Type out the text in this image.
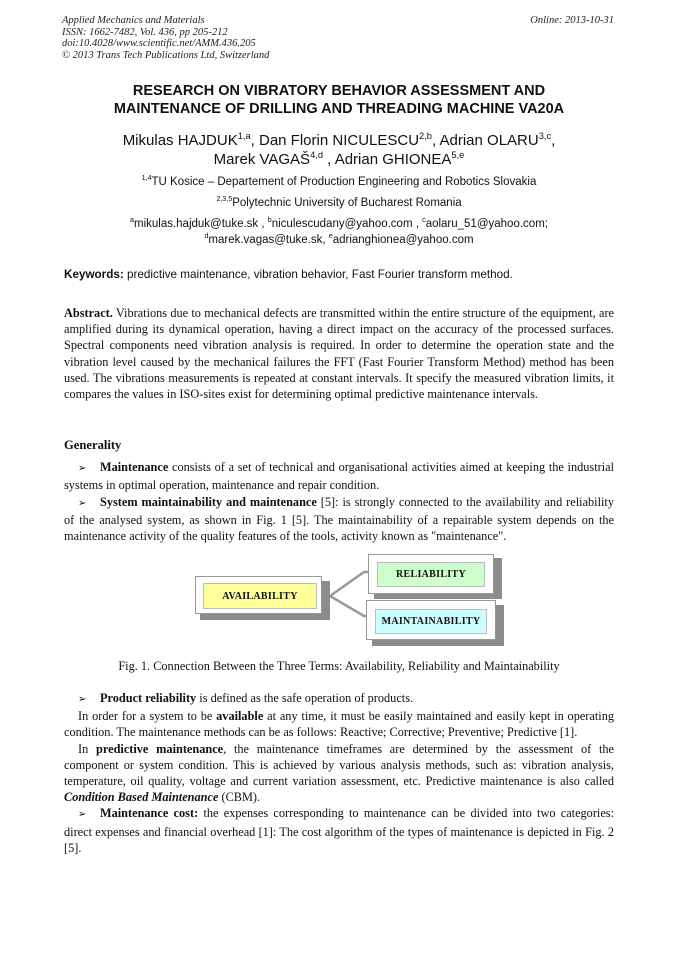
Applied Mechanics and Materials
ISSN: 1662-7482, Vol. 436, pp 205-212
doi:10.4028/www.scientific.net/AMM.436.205
© 2013 Trans Tech Publications Ltd, Switzerland
Online: 2013-10-31
RESEARCH ON VIBRATORY BEHAVIOR ASSESSMENT AND
MAINTENANCE OF DRILLING AND THREADING MACHINE VA20A
Mikulas HAJDUK$^{1,a}$, Dan Florin NICULESCU$^{2,b}$, Adrian OLARU$^{3,c}$,
Marek VAGAŠ$^{4,d}$ , Adrian GHIONEA$^{5,e}$
$^{1,4}$TU Kosice – Departement of Production Engineering and Robotics Slovakia
$^{2,3,5}$Polytechnic University of Bucharest Romania
$^a$mikulas.hajduk@tuke.sk , $^b$niculescudany@yahoo.com , $^c$aolaru_51@yahoo.com;
$^d$marek.vagas@tuke.sk, $^e$adrianghionea@yahoo.com
Keywords: predictive maintenance, vibration behavior, Fast Fourier transform method.
Abstract. Vibrations due to mechanical defects are transmitted within the entire structure of the equipment, are amplified during its dynamical operation, having a direct impact on the accuracy of the processed surfaces. Spectral components need vibration analysis is required. In order to determine the operation state and the vibration level caused by the mechanical failures the FFT (Fast Fourier Transform Method) method has been used. The vibrations measurements is repeated at constant intervals. It specify the measured vibration limits, it compares the values in ISO-sites exist for determining optimal predictive maintenance intervals.
Generality

➢ Maintenance consists of a set of technical and organisational activities aimed at keeping the industrial systems in optimal operation, maintenance and repair condition.

➢ System maintainability and maintenance [5]: is strongly connected to the availability and reliability of the analysed system, as shown in Fig. 1 [5]. The maintainability of a repairable system depends on the maintenance activity of the quality features of the tools, activity known as "maintenance".

AVAILABILITY
RELIABILITY
MAINTAINABILITY
Fig. 1. Connection Between the Three Terms: Availability, Reliability and Maintainability

➢ Product reliability is defined as the safe operation of products.

In order for a system to be available at any time, it must be easily maintained and easily kept in operating condition. The maintenance methods can be as follows: Reactive; Corrective; Preventive; Predictive [1].

In predictive maintenance, the maintenance timeframes are determined by the assessment of the component or system condition. This is achieved by various analysis methods, such as: vibration analysis, temperature, oil quality, voltage and current variation assessment, etc. Predictive maintenance is also called Condition Based Maintenance (CBM).

➢ Maintenance cost: the expenses corresponding to maintenance can be divided into two categories: direct expenses and financial overhead [1]: The cost algorithm of the types of maintenance is depicted in Fig. 2 [5].
